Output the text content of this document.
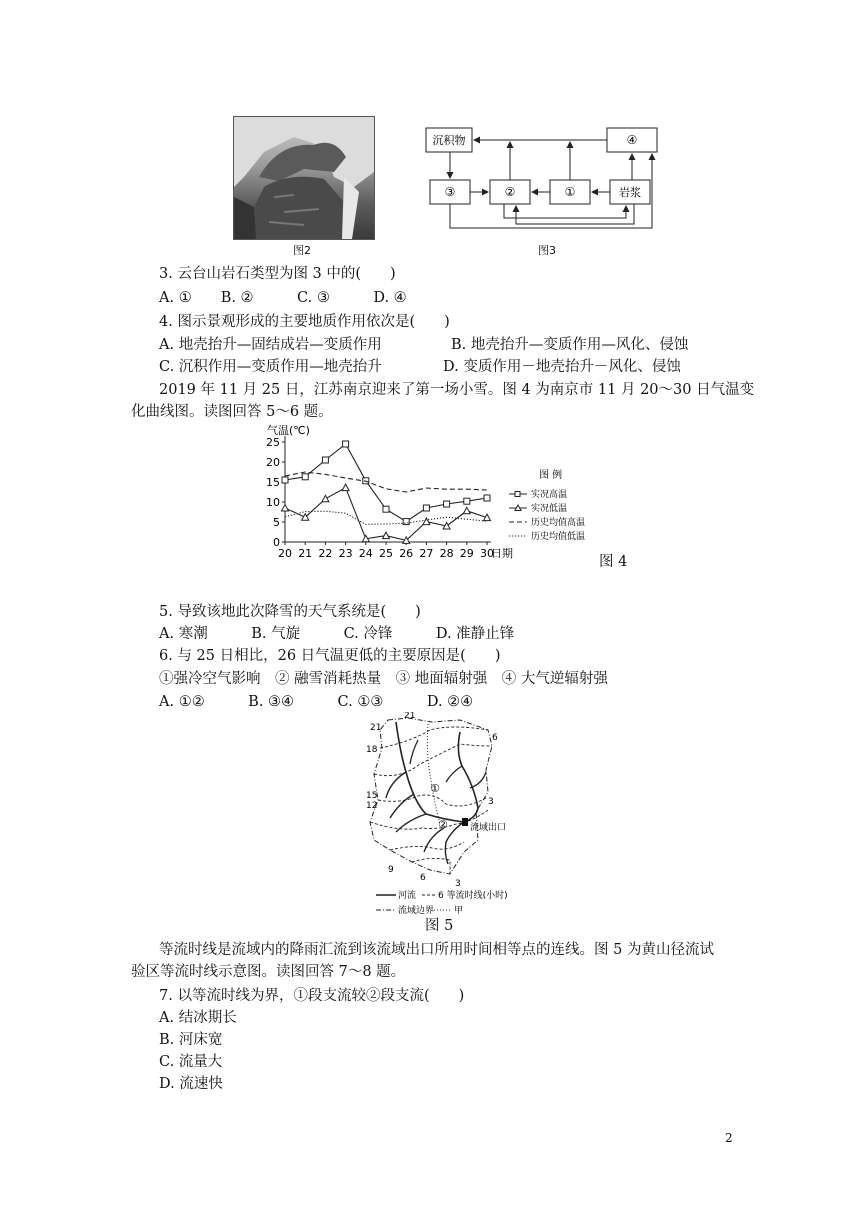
图2
沉积物	④
③	②	①	岩浆
图3
3. 云台山岩石类型为图 3 中的(　　)
A. ①　　B. ②　　　C. ③　　　D. ④
4. 图示景观形成的主要地质作用依次是(　　)
A. 地壳抬升—固结成岩—变质作用	B. 地壳抬升—变质作用—风化、侵蚀
C. 沉积作用—变质作用—地壳抬升	D. 变质作用－地壳抬升－风化、侵蚀
2019 年 11 月 25 日，江苏南京迎来了第一场小雪。图 4 为南京市 11 月 20～30 日气温变
化曲线图。读图回答 5～6 题。
气温(℃)
日期
0
5
10
15
20
25
20 21 22 23 24 25 26 27 28 29 30
图 例
实况高温
实况低温
历史均值高温
历史均值低温
图 4
5. 导致该地此次降雪的天气系统是(　　)
A. 寒潮　　　B. 气旋　　　C. 冷锋　　　D. 准静止锋
6. 与 25 日相比，26 日气温更低的主要原因是(　　)
①强冷空气影响　② 融雪消耗热量　③ 地面辐射强　④ 大气逆辐射强
A. ①②　　　B. ③④　　　C. ①③　　　D. ②④
21
21
18
15
12
9
6
6
3
3
①
② 流域出口
河流 6 等流时线(小时)
流域边界 甲
图 5
等流时线是流域内的降雨汇流到该流域出口所用时间相等点的连线。图 5 为黄山径流试
验区等流时线示意图。读图回答 7～8 题。
7. 以等流时线为界，①段支流较②段支流(　　)
A. 结冰期长
B. 河床宽
C. 流量大
D. 流速快
2
